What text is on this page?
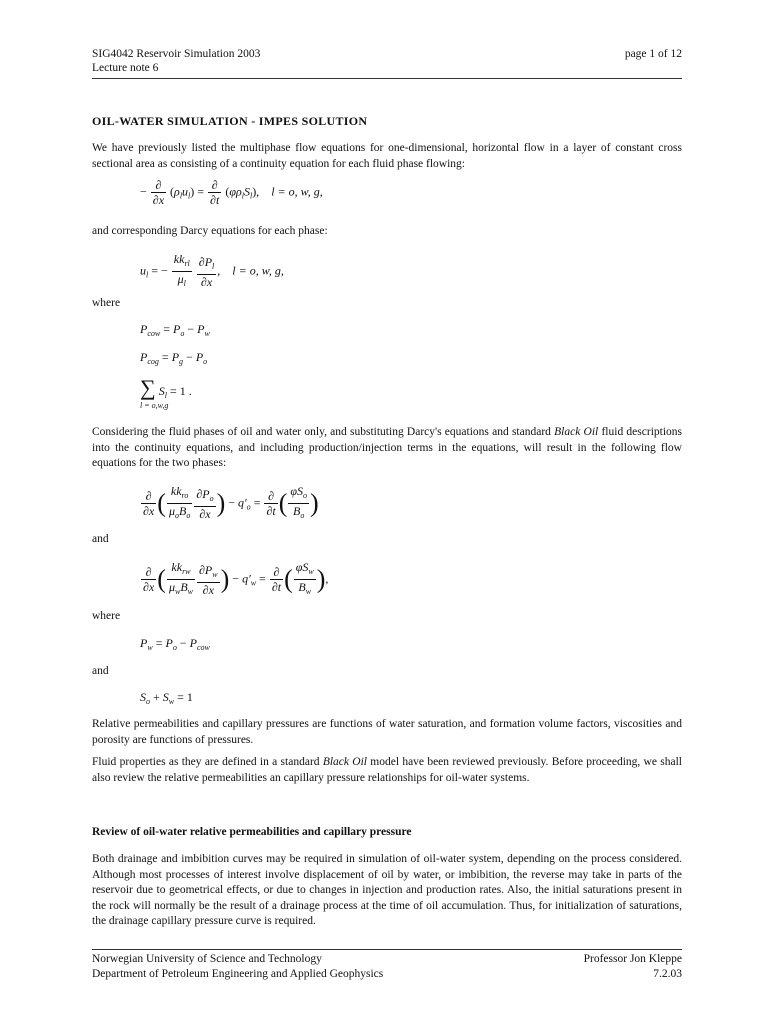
SIG4042 Reservoir Simulation 2003
Lecture note 6
page 1 of 12
OIL-WATER SIMULATION - IMPES SOLUTION
We have previously listed the multiphase flow equations for one-dimensional, horizontal flow in a layer of constant cross sectional area as consisting of a continuity equation for each fluid phase flowing:
− $\frac{\partial}{\partial x} (\rho_lu_l) = \frac{\partial}{\partial t} (\varphi\rho_lS_l)$, l = o, w, g,
and corresponding Darcy equations for each phase:
$u_l$ = − $\frac{kk_{rl}}{\mu_l}$
$\frac{\partial P_l}{\partial x}$ , l = o, w, g,
where
$P_{cow} = P_o - P_w$
$P_{cog} = P_g - P_o$
∑ $S_l = 1$ .
l = o,w,g
Considering the fluid phases of oil and water only, and substituting Darcy's equations and standard Black Oil fluid descriptions into the continuity equations, and including production/injection terms in the equations, will result in the following flow equations for the two phases:
$\frac{\partial}{\partial x}$ ( $\frac{kk_{ro}}{\mu_oB_o} \frac{\partial P_o}{\partial x}$ ) − $q'_o = \frac{\partial}{\partial t}$ ( $\frac{\varphi S_o}{B_o}$ )
and
$\frac{\partial}{\partial x}$ ( $\frac{kk_{rw}}{\mu_wB_w} \frac{\partial P_w}{\partial x}$ ) − $q'_w = \frac{\partial}{\partial t}$ ( $\frac{\varphi S_w}{B_w}$ ),
where
$P_w = P_o - P_{cow}$
and
$S_o + S_w = 1$
Relative permeabilities and capillary pressures are functions of water saturation, and formation volume factors, viscosities and porosity are functions of pressures.
Fluid properties as they are defined in a standard Black Oil model have been reviewed previously. Before proceeding, we shall also review the relative permeabilities an capillary pressure relationships for oil-water systems.
Review of oil-water relative permeabilities and capillary pressure
Both drainage and imbibition curves may be required in simulation of oil-water system, depending on the process considered. Although most processes of interest involve displacement of oil by water, or imbibition, the reverse may take in parts of the reservoir due to geometrical effects, or due to changes in injection and production rates. Also, the initial saturations present in the rock will normally be the result of a drainage process at the time of oil accumulation. Thus, for initialization of saturations, the drainage capillary pressure curve is required.
Norwegian University of Science and Technology
Department of Petroleum Engineering and Applied Geophysics
Professor Jon Kleppe
7.2.03
